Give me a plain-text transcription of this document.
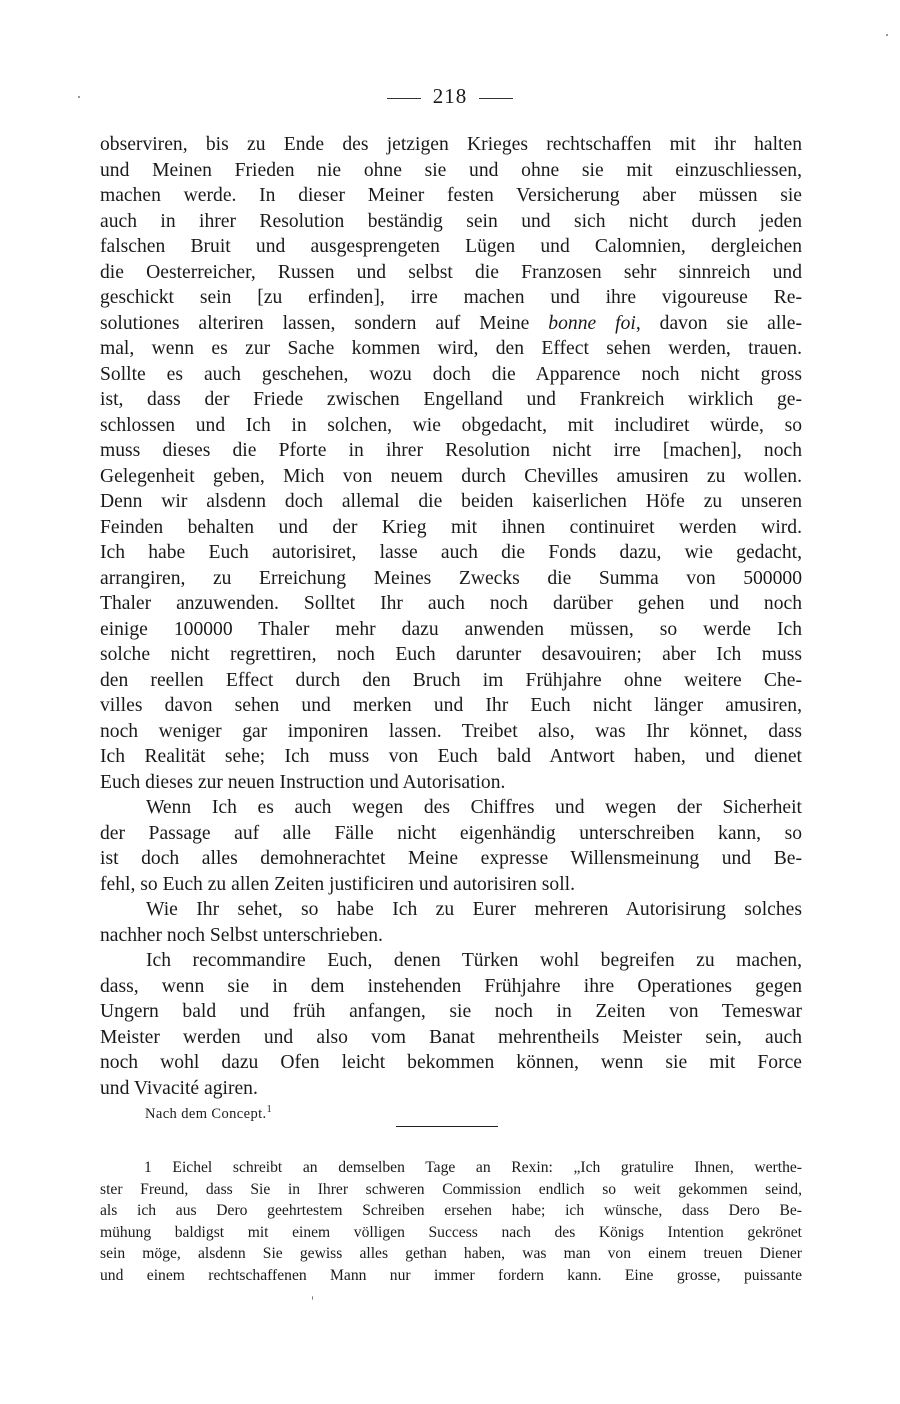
218
observiren, bis zu Ende des jetzigen Krieges rechtschaffen mit ihr halten
und Meinen Frieden nie ohne sie und ohne sie mit einzuschliessen,
machen werde. In dieser Meiner festen Versicherung aber müssen sie
auch in ihrer Resolution beständig sein und sich nicht durch jeden
falschen Bruit und ausgesprengeten Lügen und Calomnien, dergleichen
die Oesterreicher, Russen und selbst die Franzosen sehr sinnreich und
geschickt sein [zu erfinden], irre machen und ihre vigoureuse Re-
solutiones alteriren lassen, sondern auf Meine bonne foi, davon sie alle-
mal, wenn es zur Sache kommen wird, den Effect sehen werden, trauen.
Sollte es auch geschehen, wozu doch die Apparence noch nicht gross
ist, dass der Friede zwischen Engelland und Frankreich wirklich ge-
schlossen und Ich in solchen, wie obgedacht, mit includiret würde, so
muss dieses die Pforte in ihrer Resolution nicht irre [machen], noch
Gelegenheit geben, Mich von neuem durch Chevilles amusiren zu wollen.
Denn wir alsdenn doch allemal die beiden kaiserlichen Höfe zu unseren
Feinden behalten und der Krieg mit ihnen continuiret werden wird.
Ich habe Euch autorisiret, lasse auch die Fonds dazu, wie gedacht,
arrangiren, zu Erreichung Meines Zwecks die Summa von 500000
Thaler anzuwenden. Solltet Ihr auch noch darüber gehen und noch
einige 100000 Thaler mehr dazu anwenden müssen, so werde Ich
solche nicht regrettiren, noch Euch darunter desavouiren; aber Ich muss
den reellen Effect durch den Bruch im Frühjahre ohne weitere Che-
villes davon sehen und merken und Ihr Euch nicht länger amusiren,
noch weniger gar imponiren lassen. Treibet also, was Ihr könnet, dass
Ich Realität sehe; Ich muss von Euch bald Antwort haben, und dienet
Euch dieses zur neuen Instruction und Autorisation.
Wenn Ich es auch wegen des Chiffres und wegen der Sicherheit
der Passage auf alle Fälle nicht eigenhändig unterschreiben kann, so
ist doch alles demohnerachtet Meine expresse Willensmeinung und Be-
fehl, so Euch zu allen Zeiten justificiren und autorisiren soll.
Wie Ihr sehet, so habe Ich zu Eurer mehreren Autorisirung solches
nachher noch Selbst unterschrieben.
Ich recommandire Euch, denen Türken wohl begreifen zu machen,
dass, wenn sie in dem instehenden Frühjahre ihre Operationes gegen
Ungern bald und früh anfangen, sie noch in Zeiten von Temeswar
Meister werden und also vom Banat mehrentheils Meister sein, auch
noch wohl dazu Ofen leicht bekommen können, wenn sie mit Force
und Vivacité agiren.
Nach dem Concept.$^1$
1 Eichel schreibt an demselben Tage an Rexin: „Ich gratulire Ihnen, werthe-
ster Freund, dass Sie in Ihrer schweren Commission endlich so weit gekommen seind,
als ich aus Dero geehrtestem Schreiben ersehen habe; ich wünsche, dass Dero Be-
mühung baldigst mit einem völligen Success nach des Königs Intention gekrönet
sein möge, alsdenn Sie gewiss alles gethan haben, was man von einem treuen Diener
und einem rechtschaffenen Mann nur immer fordern kann. Eine grosse, puissante
